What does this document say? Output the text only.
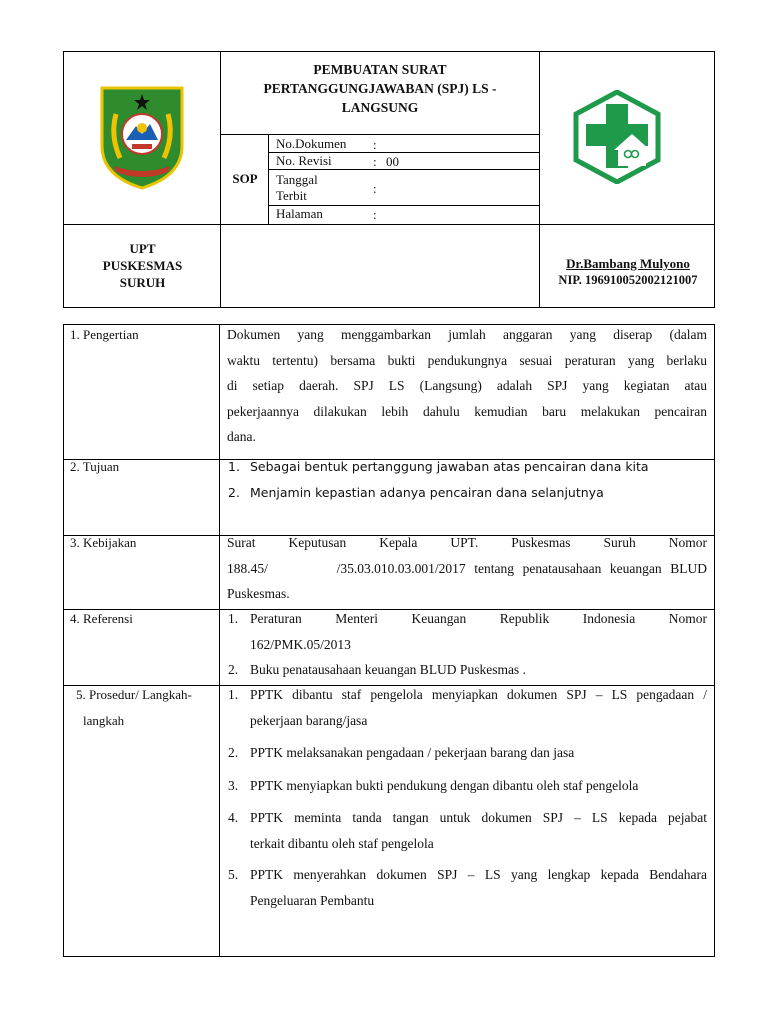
PEMBUATAN SURAT
PERTANGGUNGJAWABAN (SPJ) LS -
LANGSUNG
SOP
No.Dokumen :
No. Revisi	: 00
Tanggal
Terbit	:
Halaman	:
UPT
PUSKESMAS
SURUH
Dr.Bambang Mulyono
NIP. 196910052002121007
1. Pengertian	Dokumen yang menggambarkan jumlah anggaran yang diserap (dalam
waktu tertentu) bersama bukti pendukungnya sesuai peraturan yang berlaku
di setiap daerah. SPJ LS (Langsung) adalah SPJ yang kegiatan atau
pekerjaannya dilakukan lebih dahulu kemudian baru melakukan pencairan
dana.
2. Tujuan	1. Sebagai bentuk pertanggung jawaban atas pencairan dana kita
2. Menjamin kepastian adanya pencairan dana selanjutnya
3. Kebijakan	Surat Keputusan Kepala UPT. Puskesmas Suruh Nomor
188.45/        /35.03.010.03.001/2017 tentang penatausahaan keuangan BLUD
Puskesmas.
4. Referensi	1. Peraturan Menteri Keuangan Republik Indonesia Nomor
162/PMK.05/2013
2. Buku penatausahaan keuangan BLUD Puskesmas .
5. Prosedur/ Langkah-
langkah
1. PPTK dibantu staf pengelola menyiapkan dokumen SPJ – LS pengadaan /
pekerjaan barang/jasa
2. PPTK melaksanakan pengadaan / pekerjaan barang dan jasa
3. PPTK menyiapkan bukti pendukung dengan dibantu oleh staf pengelola
4. PPTK meminta tanda tangan untuk dokumen SPJ – LS kepada pejabat
terkait dibantu oleh staf pengelola
5. PPTK menyerahkan dokumen SPJ – LS yang lengkap kepada Bendahara
Pengeluaran Pembantu
